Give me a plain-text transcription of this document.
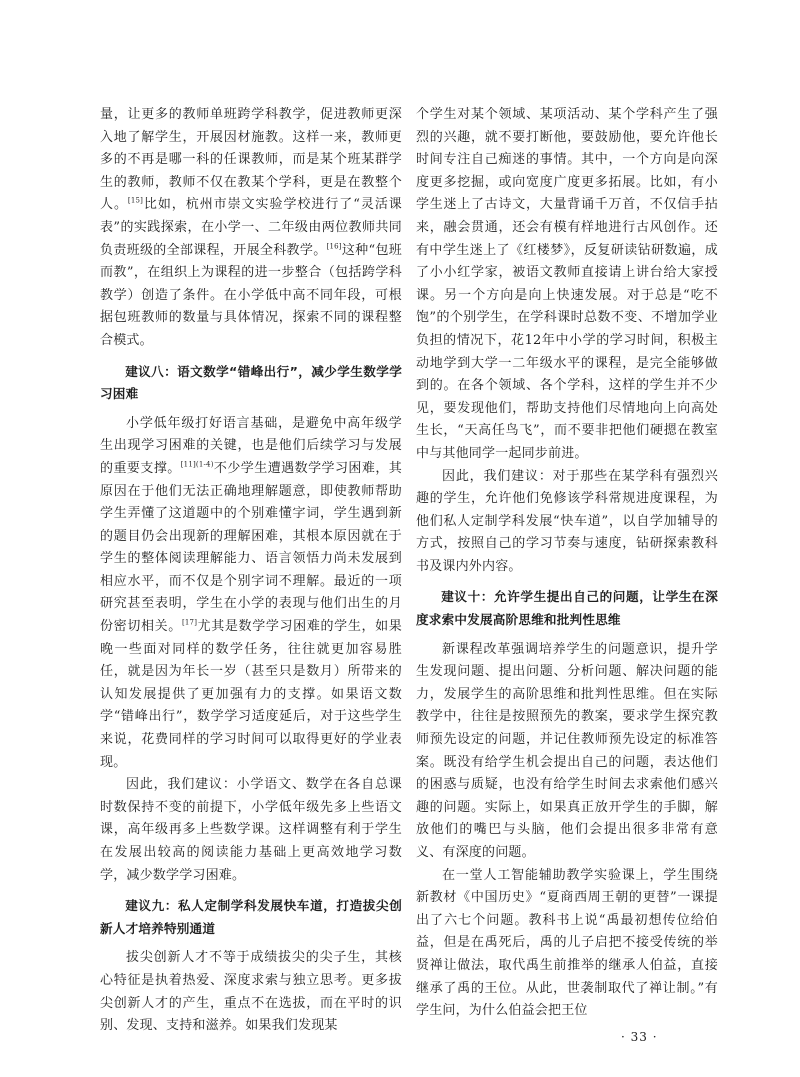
量，让更多的教师单班跨学科教学，促进教师更深入地了解学生，开展因材施教。这样一来，教师更多的不再是哪一科的任课教师，而是某个班某群学生的教师，教师不仅在教某个学科，更是在教整个人。[15]比如，杭州市崇文实验学校进行了“灵活课表”的实践探索，在小学一、二年级由两位教师共同负责班级的全部课程，开展全科教学。[16]这种“包班而教”，在组织上为课程的进一步整合（包括跨学科教学）创造了条件。在小学低中高不同年段，可根据包班教师的数量与具体情况，探索不同的课程整合模式。

建议八：语文数学“错峰出行”，减少学生数学学习困难

小学低年级打好语言基础，是避免中高年级学生出现学习困难的关键，也是他们后续学习与发展的重要支撑。$^{[11](1-4)}$不少学生遭遇数学学习困难，其原因在于他们无法正确地理解题意，即使教师帮助学生弄懂了这道题中的个别难懂字词，学生遇到新的题目仍会出现新的理解困难，其根本原因就在于学生的整体阅读理解能力、语言领悟力尚未发展到相应水平，而不仅是个别字词不理解。最近的一项研究甚至表明，学生在小学的表现与他们出生的月份密切相关。[17]尤其是数学学习困难的学生，如果晚一些面对同样的数学任务，往往就更加容易胜任，就是因为年长一岁（甚至只是数月）所带来的认知发展提供了更加强有力的支撑。如果语文数学“错峰出行”，数学学习适度延后，对于这些学生来说，花费同样的学习时间可以取得更好的学业表现。

因此，我们建议：小学语文、数学在各自总课时数保持不变的前提下，小学低年级先多上些语文课，高年级再多上些数学课。这样调整有利于学生在发展出较高的阅读能力基础上更高效地学习数学，减少数学学习困难。

建议九：私人定制学科发展快车道，打造拔尖创新人才培养特别通道

拔尖创新人才不等于成绩拔尖的尖子生，其核心特征是执着热爱、深度求索与独立思考。更多拔尖创新人才的产生，重点不在选拔，而在平时的识别、发现、支持和滋养。如果我们发现某

个学生对某个领域、某项活动、某个学科产生了强烈的兴趣，就不要打断他，要鼓励他，要允许他长时间专注自己痴迷的事情。其中，一个方向是向深度更多挖掘，或向宽度广度更多拓展。比如，有小学生迷上了古诗文，大量背诵千万首，不仅信手拈来，融会贯通，还会有模有样地进行古风创作。还有中学生迷上了《红楼梦》，反复研读钻研数遍，成了小小红学家，被语文教师直接请上讲台给大家授课。另一个方向是向上快速发展。对于总是“吃不饱”的个别学生，在学科课时总数不变、不增加学业负担的情况下，花12年中小学的学习时间，积极主动地学到大学一二年级水平的课程，是完全能够做到的。在各个领域、各个学科，这样的学生并不少见，要发现他们，帮助支持他们尽情地向上向高处生长，“天高任鸟飞”，而不要非把他们硬摁在教室中与其他同学一起同步前进。

因此，我们建议：对于那些在某学科有强烈兴趣的学生，允许他们免修该学科常规进度课程，为他们私人定制学科发展“快车道”，以自学加辅导的方式，按照自己的学习节奏与速度，钻研探索教科书及课内外内容。

建议十：允许学生提出自己的问题，让学生在深度求索中发展高阶思维和批判性思维

新课程改革强调培养学生的问题意识，提升学生发现问题、提出问题、分析问题、解决问题的能力，发展学生的高阶思维和批判性思维。但在实际教学中，往往是按照预先的教案，要求学生探究教师预先设定的问题，并记住教师预先设定的标准答案。既没有给学生机会提出自己的问题，表达他们的困惑与质疑，也没有给学生时间去求索他们感兴趣的问题。实际上，如果真正放开学生的手脚，解放他们的嘴巴与头脑，他们会提出很多非常有意义、有深度的问题。

在一堂人工智能辅助教学实验课上，学生围绕新教材《中国历史》“夏商西周王朝的更替”一课提出了六七个问题。教科书上说“禹最初想传位给伯益，但是在禹死后，禹的儿子启把不接受传统的举贤禅让做法，取代禹生前推举的继承人伯益，直接继承了禹的王位。从此，世袭制取代了禅让制。”有学生问，为什么伯益会把王位

· 33 ·
